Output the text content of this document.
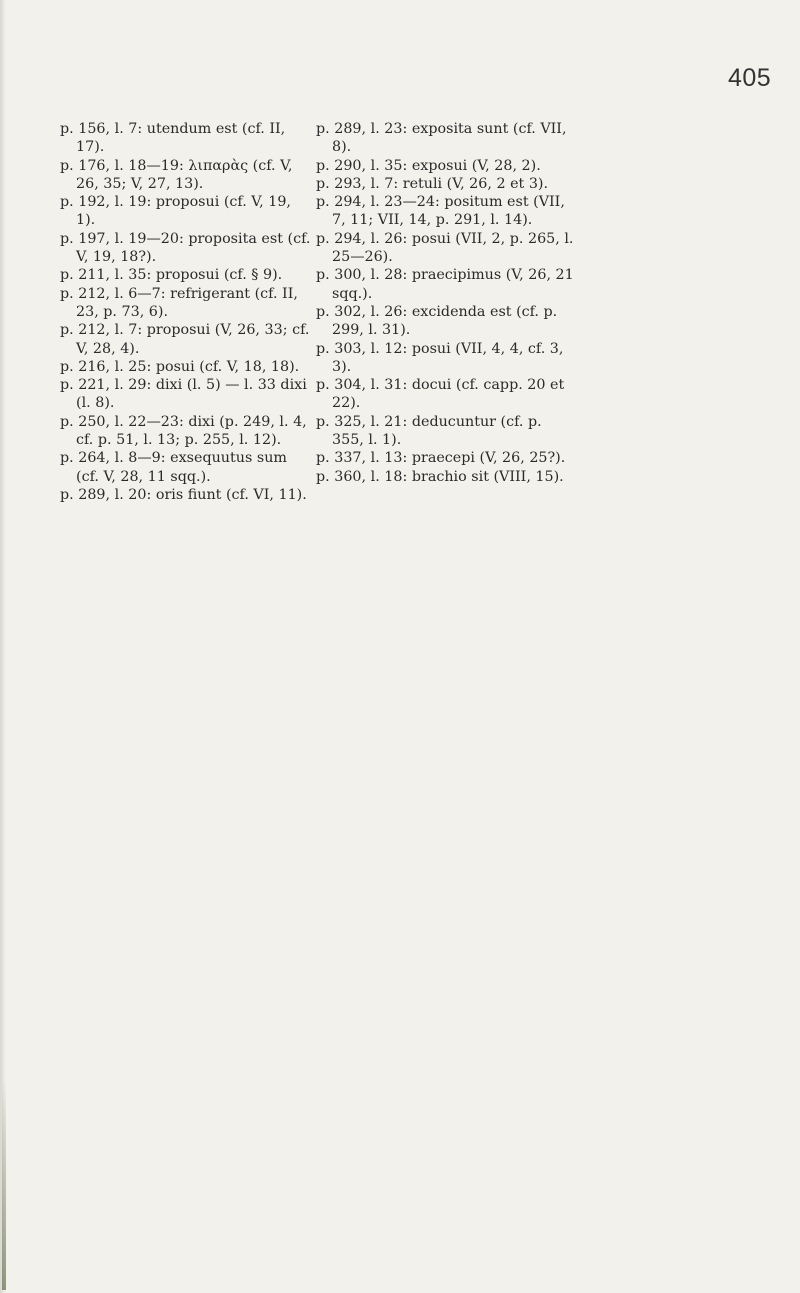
405

p. 156, l. 7: utendum est (cf. II, 17).

p. 176, l. 18—19: λιπαρὰς (cf. V, 26, 35; V, 27, 13).

p. 192, l. 19: proposui (cf. V, 19, 1).

p. 197, l. 19—20: proposita est (cf. V, 19, 18?).

p. 211, l. 35: proposui (cf. § 9).

p. 212, l. 6—7: refrigerant (cf. II, 23, p. 73, 6).

p. 212, l. 7: proposui (V, 26, 33; cf. V, 28, 4).

p. 216, l. 25: posui (cf. V, 18, 18).

p. 221, l. 29: dixi (l. 5) — l. 33 dixi (l. 8).

p. 250, l. 22—23: dixi (p. 249, l. 4, cf. p. 51, l. 13; p. 255, l. 12).

p. 264, l. 8—9: exsequutus sum (cf. V, 28, 11 sqq.).

p. 289, l. 20: oris fiunt (cf. VI, 11).

p. 289, l. 23: exposita sunt (cf. VII, 8).

p. 290, l. 35: exposui (V, 28, 2).

p. 293, l. 7: retuli (V, 26, 2 et 3).

p. 294, l. 23—24: positum est (VII, 7, 11; VII, 14, p. 291, l. 14).

p. 294, l. 26: posui (VII, 2, p. 265, l. 25—26).

p. 300, l. 28: praecipimus (V, 26, 21 sqq.).

p. 302, l. 26: excidenda est (cf. p. 299, l. 31).

p. 303, l. 12: posui (VII, 4, 4, cf. 3, 3).

p. 304, l. 31: docui (cf. capp. 20 et 22).

p. 325, l. 21: deducuntur (cf. p. 355, l. 1).

p. 337, l. 13: praecepi (V, 26, 25?).

p. 360, l. 18: brachio sit (VIII, 15).
